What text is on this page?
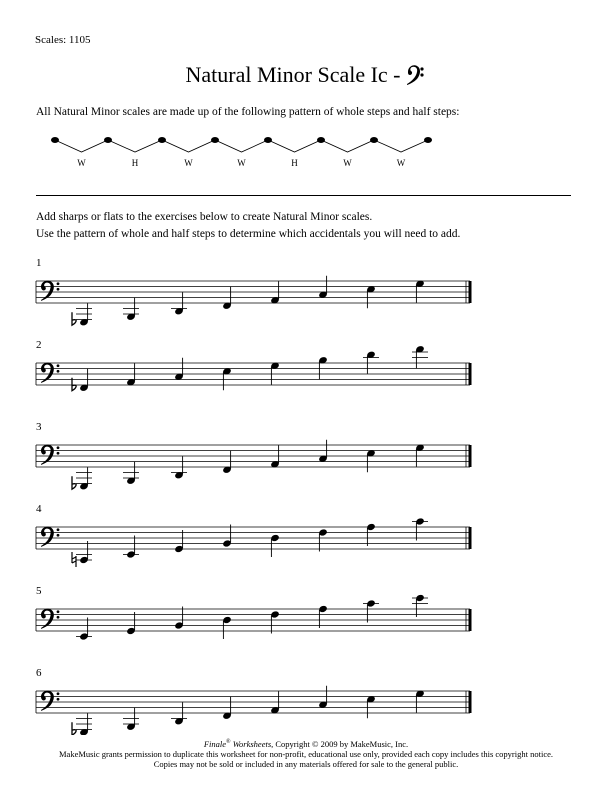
Scales: 1105
Natural Minor Scale Ic -
All Natural Minor scales are made up of the following pattern of whole steps and half steps:
W	H	W	W	H	W	W
Add sharps or flats to the exercises below to create Natural Minor scales.
Use the pattern of whole and half steps to determine which accidentals you will need to add.
1
2
3
4
5
6
Finale® Worksheets, Copyright © 2009 by MakeMusic, Inc.
MakeMusic grants permission to duplicate this worksheet for non-profit, educational use only, provided each copy includes this copyright notice.
Copies may not be sold or included in any materials offered for sale to the general public.
